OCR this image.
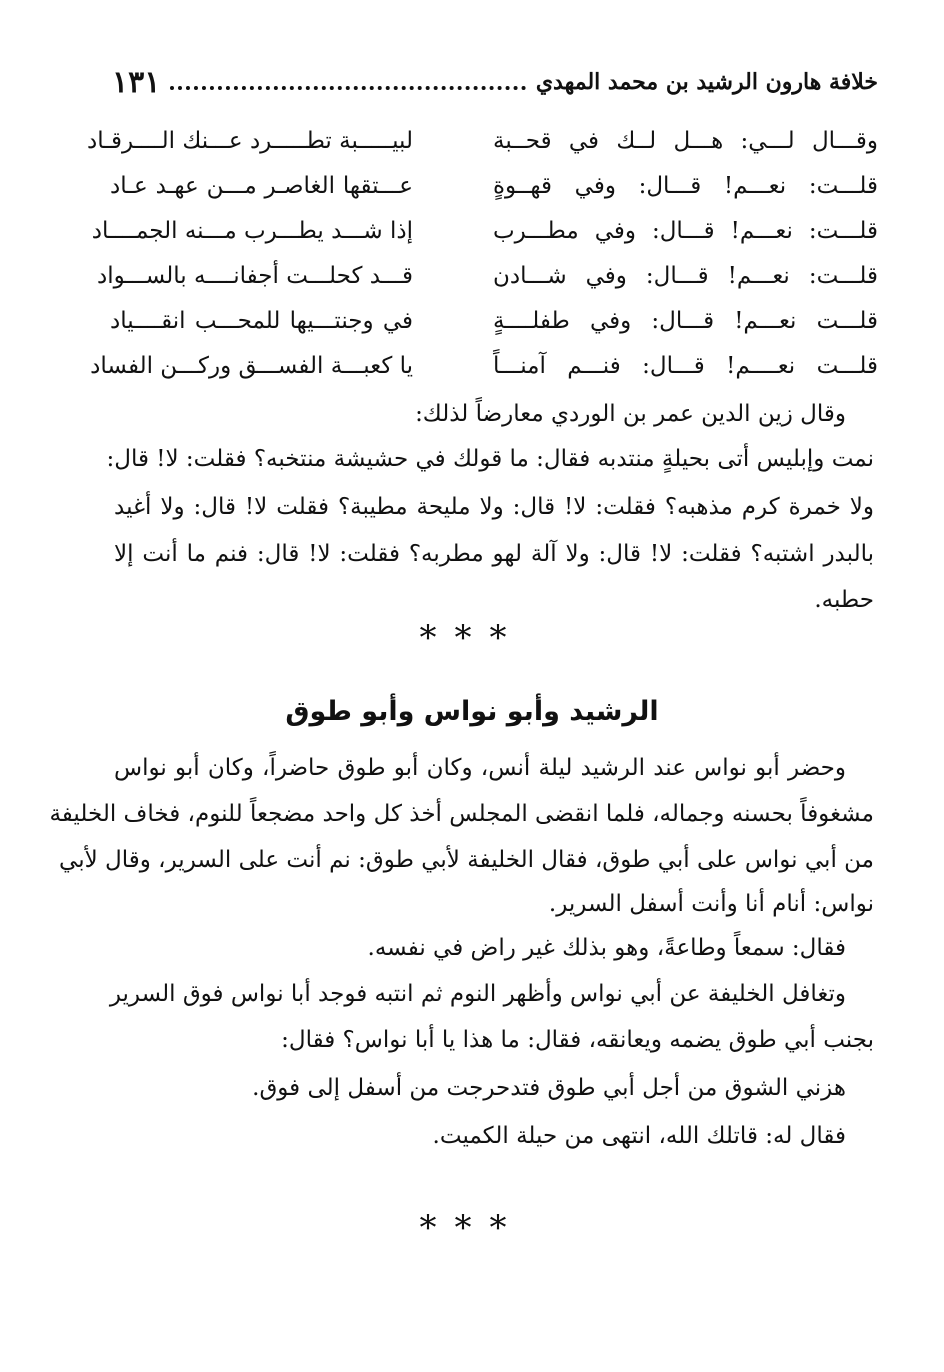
خلافة هارون الرشيد بن محمد المهدي
١٣١
وقـــال لـــي: هـــل لــك في قحــبة
لبيـــــبة تطـــــرد عـــنك الــــرقـاد
قلـــت: نعـــم! قـــال: وفي قهــوةٍ
عـــتقها الغاصـر مـــن عهـد عـاد
قلـــت: نعـــم! قـــال: وفي مطـــرب
إذا شـــد يطـــرب مـــنه الجمــــاد
قلـــت: نعـــم! قـــال: وفي شـــادن
قـــد كحلـــت أجفانــــه بالســـواد
قلـــت نعـــم! قـــال: وفي طفلــــةٍ
في وجنتـــيها للمحـــب انقــــياد
قلـــت نعــــم! قـــال: فنـــم آمنـــاً
يا كعبـــة الفســـق وركـــن الفساد
وقال زين الدين عمر بن الوردي معارضاً لذلك:
نمت وإبليس أتى بحيلةٍ منتدبه فقال: ما قولك في حشيشة منتخبه؟ فقلت: لا! قال:
ولا خمرة كرم مذهبه؟ فقلت: لا! قال: ولا مليحة مطيبة؟ فقلت لا! قال: ولا أغيد
بالبدر اشتبه؟ فقلت: لا! قال: ولا آلة لهو مطربه؟ فقلت: لا! قال: فنم ما أنت إلا
حطبه.
***
الرشيد وأبو نواس وأبو طوق
وحضر أبو نواس عند الرشيد ليلة أنس، وكان أبو طوق حاضراً، وكان أبو نواس
مشغوفاً بحسنه وجماله، فلما انقضى المجلس أخذ كل واحد مضجعاً للنوم، فخاف الخليفة
من أبي نواس على أبي طوق، فقال الخليفة لأبي طوق: نم أنت على السرير، وقال لأبي
نواس: أنام أنا وأنت أسفل السرير.
فقال: سمعاً وطاعةً، وهو بذلك غير راض في نفسه.
وتغافل الخليفة عن أبي نواس وأظهر النوم ثم انتبه فوجد أبا نواس فوق السرير
بجنب أبي طوق يضمه ويعانقه، فقال: ما هذا يا أبا نواس؟ فقال:
هزني الشوق من أجل أبي طوق فتدحرجت من أسفل إلى فوق.
فقال له: قاتلك الله، انتهى من حيلة الكميت.
***
